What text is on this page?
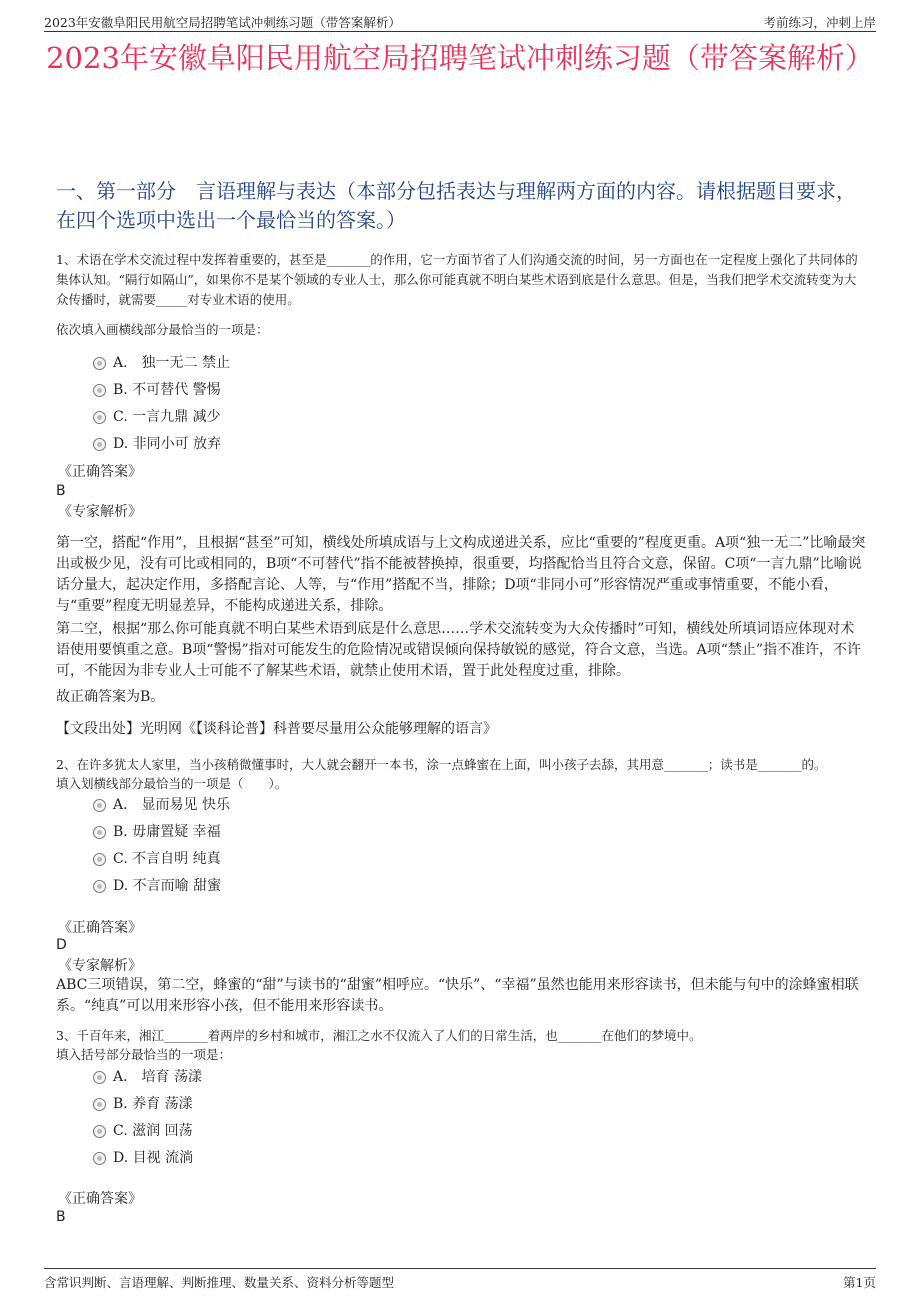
2023年安徽阜阳民用航空局招聘笔试冲刺练习题（带答案解析）	考前练习，冲刺上岸
2023年安徽阜阳民用航空局招聘笔试冲刺练习题（带答案解析）
一、第一部分　言语理解与表达（本部分包括表达与理解两方面的内容。请根据题目要求，在四个选项中选出一个最恰当的答案。）
1、术语在学术交流过程中发挥着重要的，甚至是_______的作用，它一方面节省了人们沟通交流的时间，另一方面也在一定程度上强化了共同体的集体认知。“隔行如隔山”，如果你不是某个领域的专业人士，那么你可能真就不明白某些术语到底是什么意思。但是，当我们把学术交流转变为大众传播时，就需要_____对专业术语的使用。
依次填入画横线部分最恰当的一项是：
A． 独一无二 禁止
B. 不可替代 警惕
C. 一言九鼎 减少
D. 非同小可 放弃
《正确答案》
B
《专家解析》
第一空，搭配“作用”，且根据“甚至”可知，横线处所填成语与上文构成递进关系，应比“重要的”程度更重。A项“独一无二”比喻最突出或极少见，没有可比或相同的，B项“不可替代”指不能被替换掉，很重要，均搭配恰当且符合文意，保留。C项“一言九鼎”比喻说话分量大，起决定作用，多搭配言论、人等，与“作用”搭配不当，排除；D项“非同小可”形容情况严重或事情重要，不能小看，与“重要”程度无明显差异，不能构成递进关系，排除。
第二空，根据“那么你可能真就不明白某些术语到底是什么意思……学术交流转变为大众传播时”可知，横线处所填词语应体现对术语使用要慎重之意。B项“警惕”指对可能发生的危险情况或错误倾向保持敏锐的感觉，符合文意，当选。A项“禁止”指不准许，不许可，不能因为非专业人士可能不了解某些术语，就禁止使用术语，置于此处程度过重，排除。
故正确答案为B。
【文段出处】光明网《【谈科论普】科普要尽量用公众能够理解的语言》
2、在许多犹太人家里，当小孩稍微懂事时，大人就会翻开一本书，涂一点蜂蜜在上面，叫小孩子去舔，其用意_______；读书是_______的。
填入划横线部分最恰当的一项是（　　）。
A． 显而易见 快乐
B. 毋庸置疑 幸福
C. 不言自明 纯真
D. 不言而喻 甜蜜
《正确答案》
D
《专家解析》
ABC三项错误，第二空，蜂蜜的“甜”与读书的“甜蜜”相呼应。“快乐”、“幸福”虽然也能用来形容读书，但未能与句中的涂蜂蜜相联系。“纯真”可以用来形容小孩，但不能用来形容读书。
3、千百年来，湘江_______着两岸的乡村和城市，湘江之水不仅流入了人们的日常生活，也_______在他们的梦境中。
填入括号部分最恰当的一项是：
A． 培育 荡漾
B. 养育 荡漾
C. 滋润 回荡
D. 目视 流淌
《正确答案》
B
含常识判断、言语理解、判断推理、数量关系、资料分析等题型	第1页
